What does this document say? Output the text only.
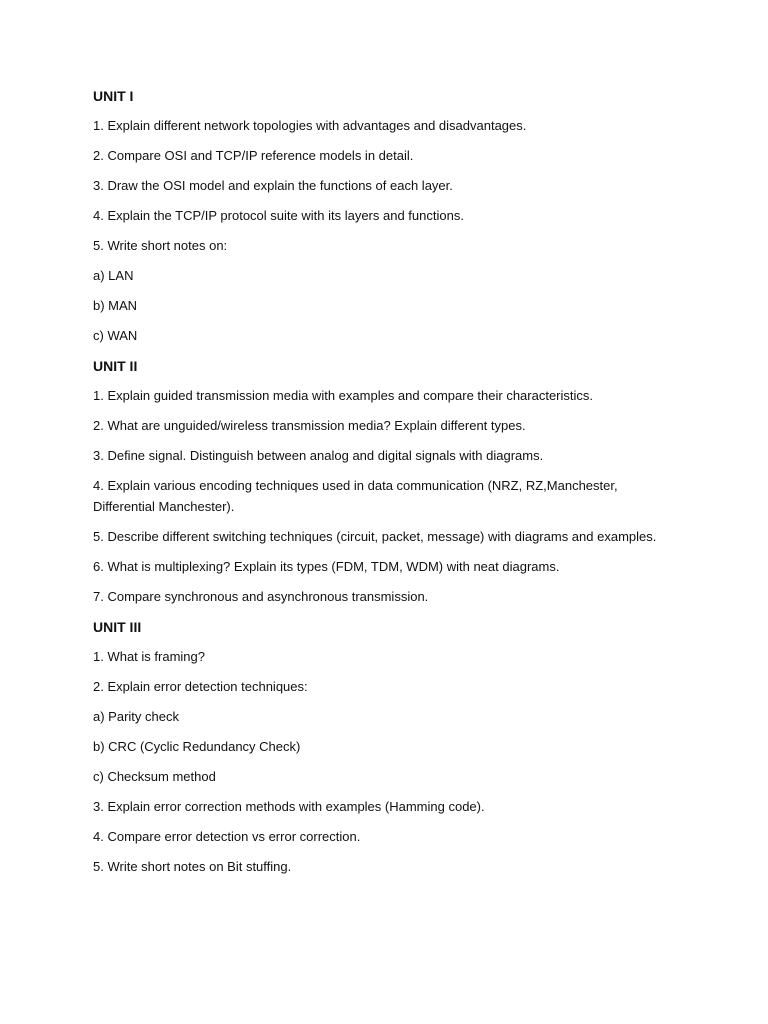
UNIT I
1. Explain different network topologies with advantages and disadvantages.
2. Compare OSI and TCP/IP reference models in detail.
3. Draw the OSI model and explain the functions of each layer.
4. Explain the TCP/IP protocol suite with its layers and functions.
5. Write short notes on:
a) LAN
b) MAN
c) WAN
UNIT II
1. Explain guided transmission media with examples and compare their characteristics.
2. What are unguided/wireless transmission media? Explain different types.
3. Define signal. Distinguish between analog and digital signals with diagrams.
4. Explain various encoding techniques used in data communication (NRZ, RZ,Manchester, Differential Manchester).
5. Describe different switching techniques (circuit, packet, message) with diagrams and examples.
6. What is multiplexing? Explain its types (FDM, TDM, WDM) with neat diagrams.
7. Compare synchronous and asynchronous transmission.
UNIT III
1. What is framing?
2. Explain error detection techniques:
a) Parity check
b) CRC (Cyclic Redundancy Check)
c) Checksum method
3. Explain error correction methods with examples (Hamming code).
4. Compare error detection vs error correction.
5. Write short notes on Bit stuffing.
